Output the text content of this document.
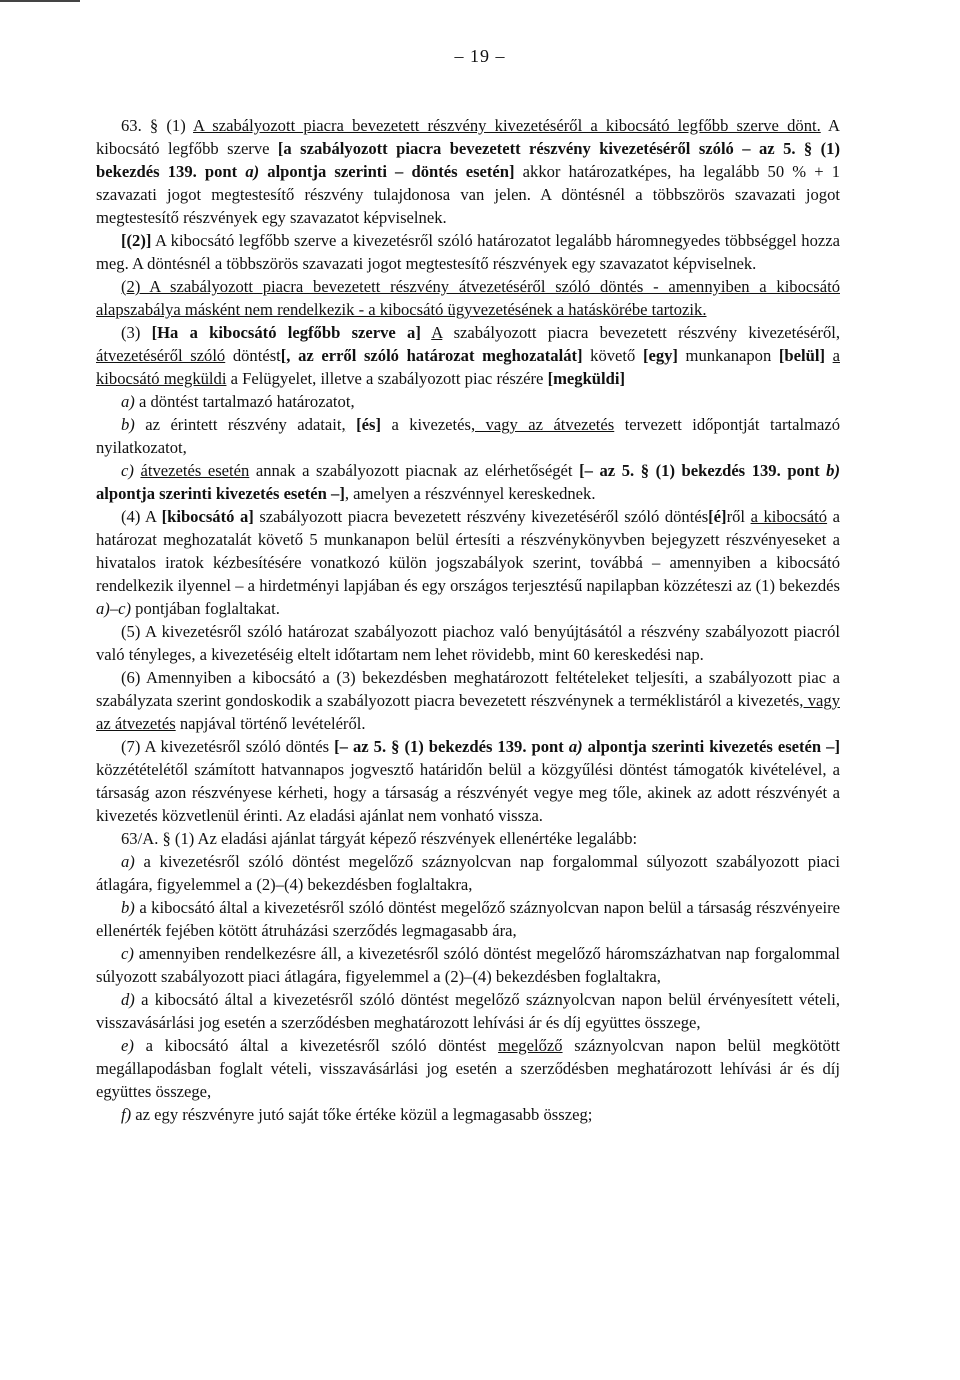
– 19 –

63. § (1) A szabályozott piacra bevezetett részvény kivezetéséről a kibocsátó legfőbb szerve dönt. A kibocsátó legfőbb szerve [a szabályozott piacra bevezetett részvény kivezetéséről szóló – az 5. § (1) bekezdés 139. pont a) alpontja szerinti – döntés esetén] akkor határozatképes, ha legalább 50 % + 1 szavazati jogot megtestesítő részvény tulajdonosa van jelen. A döntésnél a többszörös szavazati jogot megtestesítő részvények egy szavazatot képviselnek.

[(2)] A kibocsátó legfőbb szerve a kivezetésről szóló határozatot legalább háromnegyedes többséggel hozza meg. A döntésnél a többszörös szavazati jogot megtestesítő részvények egy szavazatot képviselnek.

(2) A szabályozott piacra bevezetett részvény átvezetéséről szóló döntés - amennyiben a kibocsátó alapszabálya másként nem rendelkezik - a kibocsátó ügyvezetésének a hatáskörébe tartozik.

(3) [Ha a kibocsátó legfőbb szerve a] A szabályozott piacra bevezetett részvény kivezetéséről, átvezetéséről szóló döntést[, az erről szóló határozat meghozatalát] követő [egy] munkanapon [belül] a kibocsátó megküldi a Felügyelet, illetve a szabályozott piac részére [megküldi]

a) a döntést tartalmazó határozatot,

b) az érintett részvény adatait, [és] a kivezetés, vagy az átvezetés tervezett időpontját tartalmazó nyilatkozatot,

c) átvezetés esetén annak a szabályozott piacnak az elérhetőségét [– az 5. § (1) bekezdés 139. pont b) alpontja szerinti kivezetés esetén –], amelyen a részvénnyel kereskednek.

(4) A [kibocsátó a] szabályozott piacra bevezetett részvény kivezetéséről szóló döntés[é]ről a kibocsátó a határozat meghozatalát követő 5 munkanapon belül értesíti a részvénykönyvben bejegyzett részvényeseket a hivatalos iratok kézbesítésére vonatkozó külön jogszabályok szerint, továbbá – amennyiben a kibocsátó rendelkezik ilyennel – a hirdetményi lapjában és egy országos terjesztésű napilapban közzéteszi az (1) bekezdés a)–c) pontjában foglaltakat.

(5) A kivezetésről szóló határozat szabályozott piachoz való benyújtásától a részvény szabályozott piacról való tényleges, a kivezetéséig eltelt időtartam nem lehet rövidebb, mint 60 kereskedési nap.

(6) Amennyiben a kibocsátó a (3) bekezdésben meghatározott feltételeket teljesíti, a szabályozott piac a szabályzata szerint gondoskodik a szabályozott piacra bevezetett részvénynek a terméklistáról a kivezetés, vagy az átvezetés napjával történő levételéről.

(7) A kivezetésről szóló döntés [– az 5. § (1) bekezdés 139. pont a) alpontja szerinti kivezetés esetén –] közzétételétől számított hatvannapos jogvesztő határidőn belül a közgyűlési döntést támogatók kivételével, a társaság azon részvényese kérheti, hogy a társaság a részvényét vegye meg tőle, akinek az adott részvényét a kivezetés közvetlenül érinti. Az eladási ajánlat nem vonható vissza.

63/A. § (1) Az eladási ajánlat tárgyát képező részvények ellenértéke legalább:

a) a kivezetésről szóló döntést megelőző száznyolcvan nap forgalommal súlyozott szabályozott piaci átlagára, figyelemmel a (2)–(4) bekezdésben foglaltakra,

b) a kibocsátó által a kivezetésről szóló döntést megelőző száznyolcvan napon belül a társaság részvényeire ellenérték fejében kötött átruházási szerződés legmagasabb ára,

c) amennyiben rendelkezésre áll, a kivezetésről szóló döntést megelőző háromszázhatvan nap forgalommal súlyozott szabályozott piaci átlagára, figyelemmel a (2)–(4) bekezdésben foglaltakra,

d) a kibocsátó által a kivezetésről szóló döntést megelőző száznyolcvan napon belül érvényesített vételi, visszavásárlási jog esetén a szerződésben meghatározott lehívási ár és díj együttes összege,

e) a kibocsátó által a kivezetésről szóló döntést megelőző száznyolcvan napon belül megkötött megállapodásban foglalt vételi, visszavásárlási jog esetén a szerződésben meghatározott lehívási ár és díj együttes összege,

f) az egy részvényre jutó saját tőke értéke közül a legmagasabb összeg;
